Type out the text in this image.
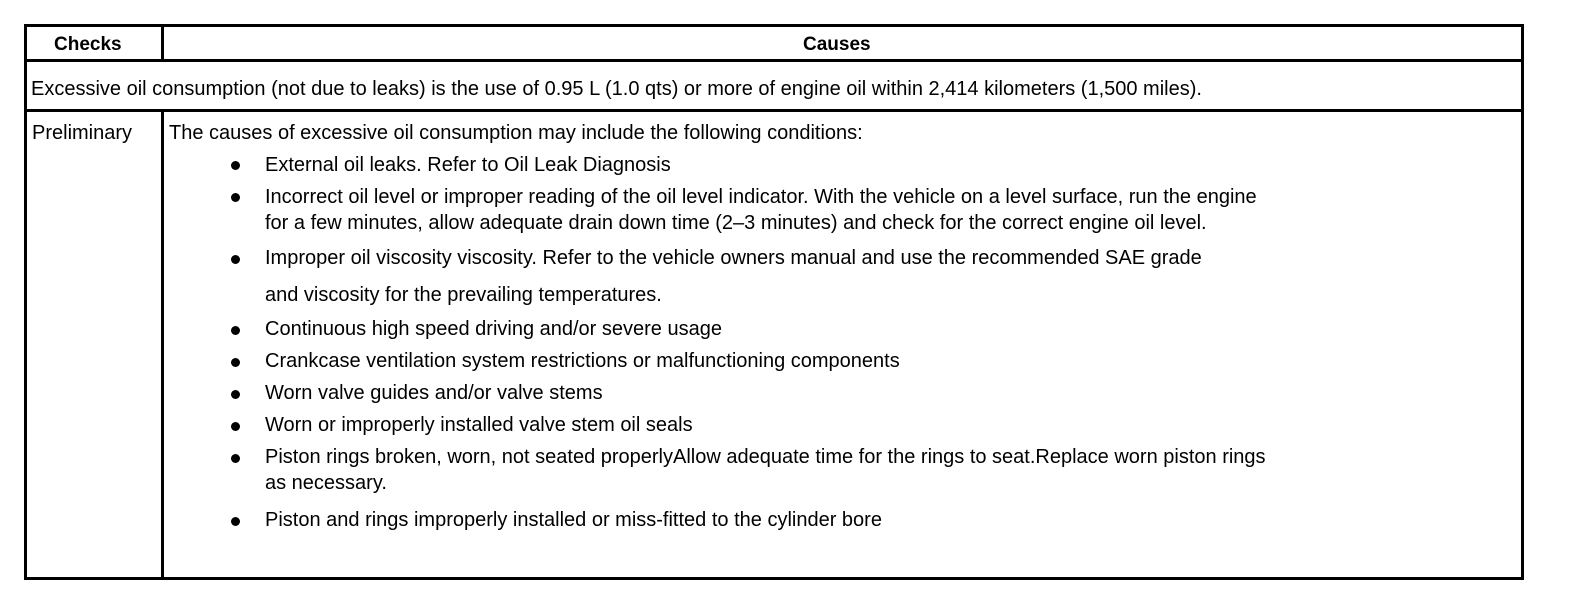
Checks	Causes
Excessive oil consumption (not due to leaks) is the use of 0.95 L (1.0 qts) or more of engine oil within 2,414 kilometers (1,500 miles).
Preliminary The causes of excessive oil consumption may include the following conditions:
External oil leaks. Refer to Oil Leak Diagnosis
Incorrect oil level or improper reading of the oil level indicator. With the vehicle on a level surface, run the engine
for a few minutes, allow adequate drain down time (2–3 minutes) and check for the correct engine oil level.
Improper oil viscosity viscosity. Refer to the vehicle owners manual and use the recommended SAE grade
and viscosity for the prevailing temperatures.
Continuous high speed driving and/or severe usage
Crankcase ventilation system restrictions or malfunctioning components
Worn valve guides and/or valve stems
Worn or improperly installed valve stem oil seals
Piston rings broken, worn, not seated properlyAllow adequate time for the rings to seat.Replace worn piston rings
as necessary.
Piston and rings improperly installed or miss-fitted to the cylinder bore
